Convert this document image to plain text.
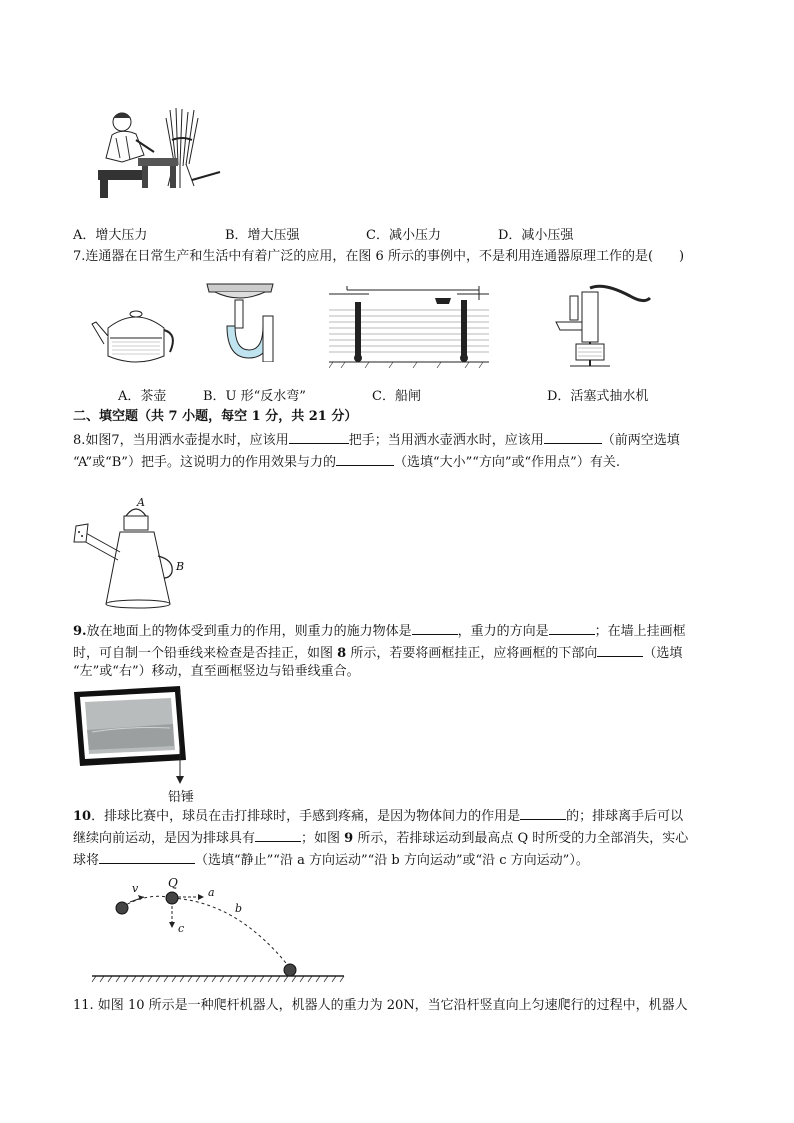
A．增大压力	B．增大压强	C．减小压力	D．减小压强
7.连通器在日常生产和生活中有着广泛的应用，在图 6 所示的事例中，不是利用连通器原理工作的是(　　)
A．茶壶	B．U 形“反水弯”	C．船闸	D．活塞式抽水机
二、填空题（共 7 小题，每空 1 分，共 21 分）
8.如图7，当用洒水壶提水时，应该用	把手；当用洒水壶洒水时，应该用	（前两空选填
“A”或“B”）把手。这说明力的作用效果与力的	（选填“大小”“方向”或“作用点”）有关.
A
B
9.放在地面上的物体受到重力的作用，则重力的施力物体是	，重力的方向是	；在墙上挂画框
时，可自制一个铅垂线来检查是否挂正，如图 8 所示，若要将画框挂正，应将画框的下部向	（选填
“左”或“右”）移动，直至画框竖边与铅垂线重合。
铅锤
10．排球比赛中，球员在击打排球时，手感到疼痛，是因为物体间力的作用是	的；排球离手后可以
继续向前运动，是因为排球具有	；如图 9 所示，若排球运动到最高点 Q 时所受的力全部消失，实心
球将	（选填“静止”“沿 a 方向运动”“沿 b 方向运动”或“沿 c 方向运动”）。
v Q
a
b
c
11. 如图 10 所示是一种爬杆机器人，机器人的重力为 20N，当它沿杆竖直向上匀速爬行的过程中，机器人
